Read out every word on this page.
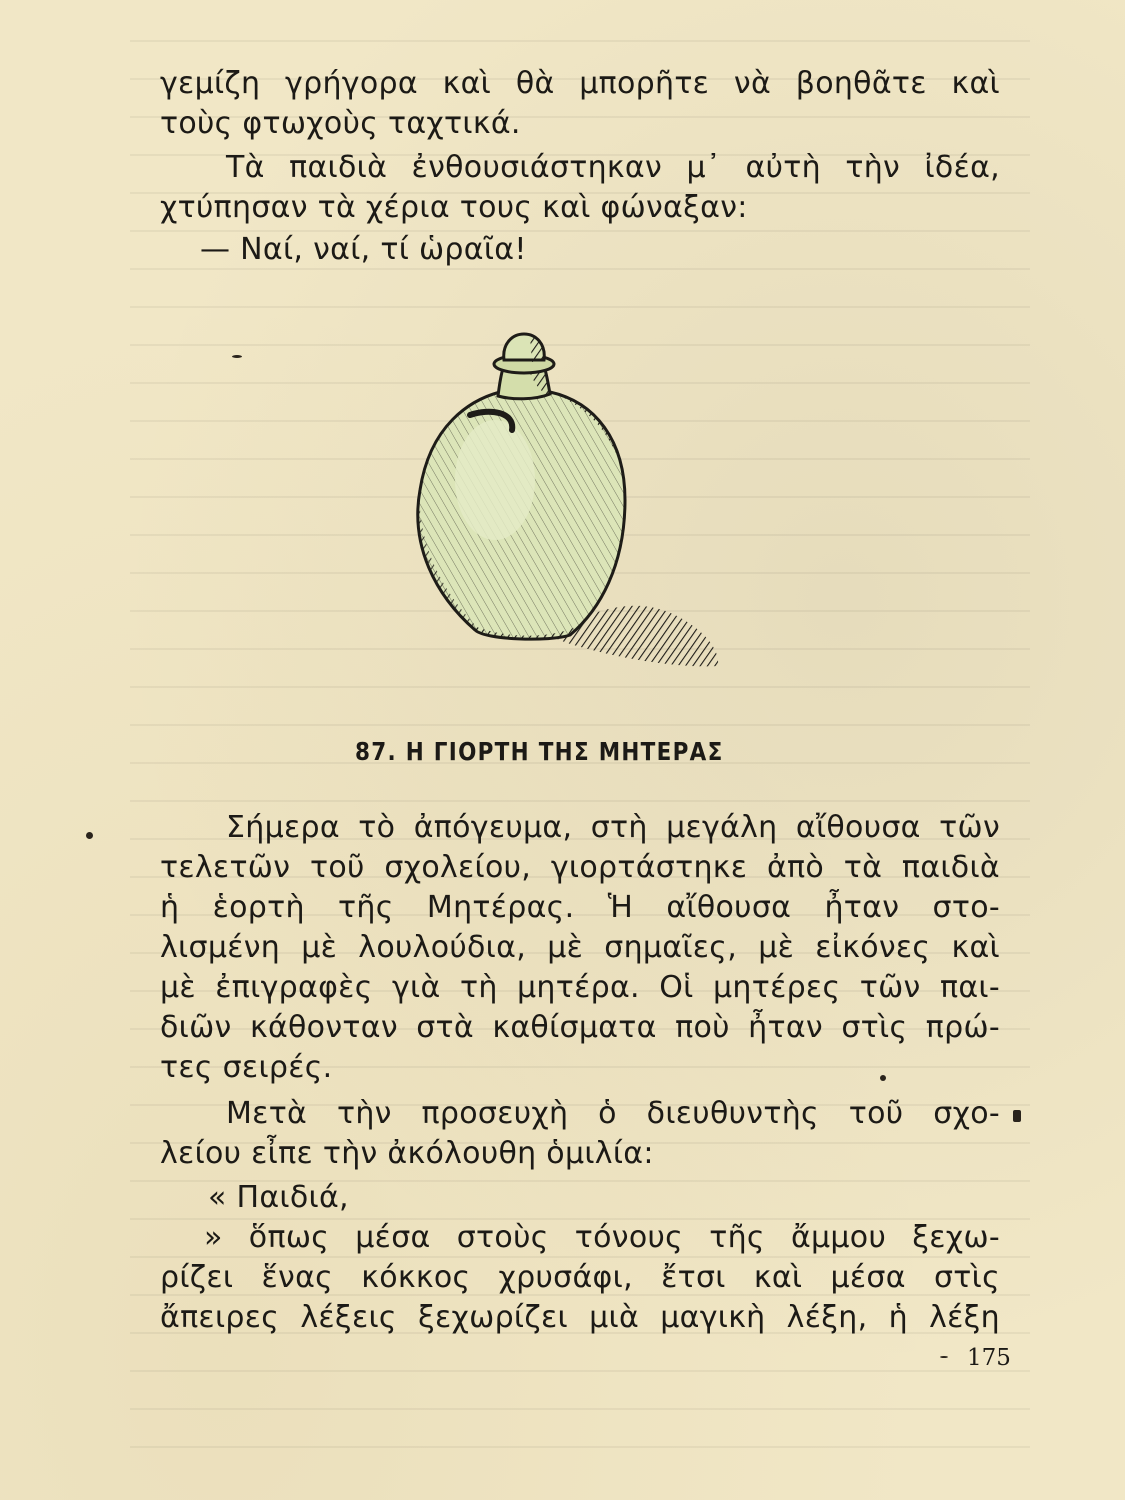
γεμίζη γρήγορα καὶ θὰ μπορῆτε νὰ βοηθᾶτε καὶ
τοὺς φτωχοὺς ταχτικά.
Τὰ παιδιὰ ἐνθουσιάστηκαν μ᾽ αὐτὴ τὴν ἰδέα,
χτύπησαν τὰ χέρια τους καὶ φώναξαν:
— Ναί, ναί, τί ὡραῖα!
87. Η ΓΙΟΡΤΗ ΤΗΣ ΜΗΤΕΡΑΣ
Σήμερα τὸ ἀπόγευμα, στὴ μεγάλη αἴθουσα τῶν
τελετῶν τοῦ σχολείου, γιορτάστηκε ἀπὸ τὰ παιδιὰ
ἡ ἑορτὴ τῆς Μητέρας. Ἡ αἴθουσα ἦταν στο-
λισμένη μὲ λουλούδια, μὲ σημαῖες, μὲ εἰκόνες καὶ
μὲ ἐπιγραφὲς γιὰ τὴ μητέρα. Οἱ μητέρες τῶν παι-
διῶν κάθονταν στὰ καθίσματα ποὺ ἦταν στὶς πρώ-
τες σειρές.
Μετὰ τὴν προσευχὴ ὁ διευθυντὴς τοῦ σχο-
λείου εἶπε τὴν ἀκόλουθη ὁμιλία:
« Παιδιά,
» ὅπως μέσα στοὺς τόνους τῆς ἄμμου ξεχω-
ρίζει ἕνας κόκκος χρυσάφι, ἔτσι καὶ μέσα στὶς
ἄπειρες λέξεις ξεχωρίζει μιὰ μαγικὴ λέξη, ἡ λέξη
175
